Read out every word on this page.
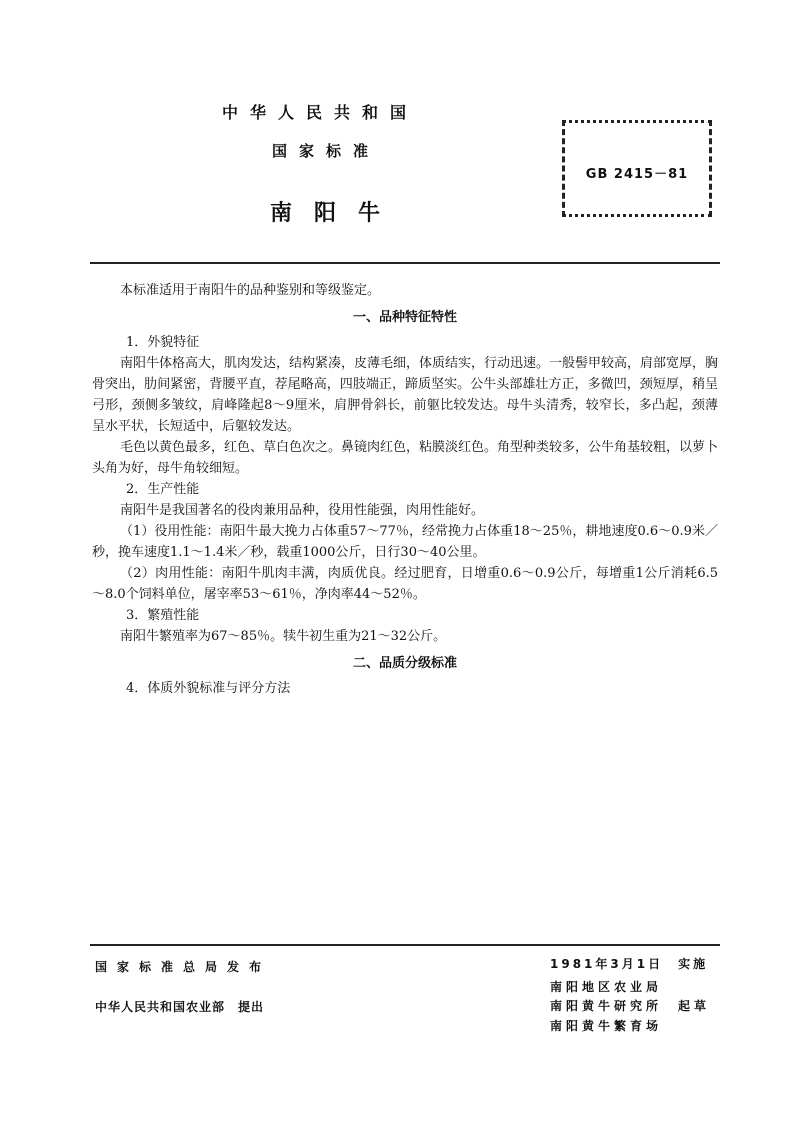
中华人民共和国
国家标准
南阳牛
GB 2415－81

本标准适用于南阳牛的品种鉴别和等级鉴定。

一、品种特征特性

1．外貌特征

南阳牛体格高大，肌肉发达，结构紧凑，皮薄毛细，体质结实，行动迅速。一般髻甲较高，肩部宽厚，胸骨突出，肋间紧密，背腰平直，荐尾略高，四肢端正，蹄质坚实。公牛头部雄壮方正，多微凹，颈短厚，稍呈弓形，颈侧多皱纹，肩峰隆起8～9厘米，肩胛骨斜长，前躯比较发达。母牛头清秀，较窄长，多凸起，颈薄呈水平状，长短适中，后躯较发达。

毛色以黄色最多，红色、草白色次之。鼻镜肉红色，粘膜淡红色。角型种类较多，公牛角基较粗，以萝卜头角为好，母牛角较细短。

2．生产性能

南阳牛是我国著名的役肉兼用品种，役用性能强，肉用性能好。

（1）役用性能：南阳牛最大挽力占体重57～77％，经常挽力占体重18～25％，耕地速度0.6～0.9米／秒，挽车速度1.1～1.4米／秒，载重1000公斤，日行30～40公里。

（2）肉用性能：南阳牛肌肉丰满，肉质优良。经过肥育，日增重0.6～0.9公斤，每增重1公斤消耗6.5～8.0个饲料单位，屠宰率53～61％，净肉率44～52％。

3．繁殖性能

南阳牛繁殖率为67～85％。犊牛初生重为21～32公斤。

二、品质分级标准

4．体质外貌标准与评分方法

国家标准总局发布
中华人民共和国农业部　提出
1981年3月1日　实施
南阳地区农业局
南阳黄牛研究所　起草
南阳黄牛繁育场
